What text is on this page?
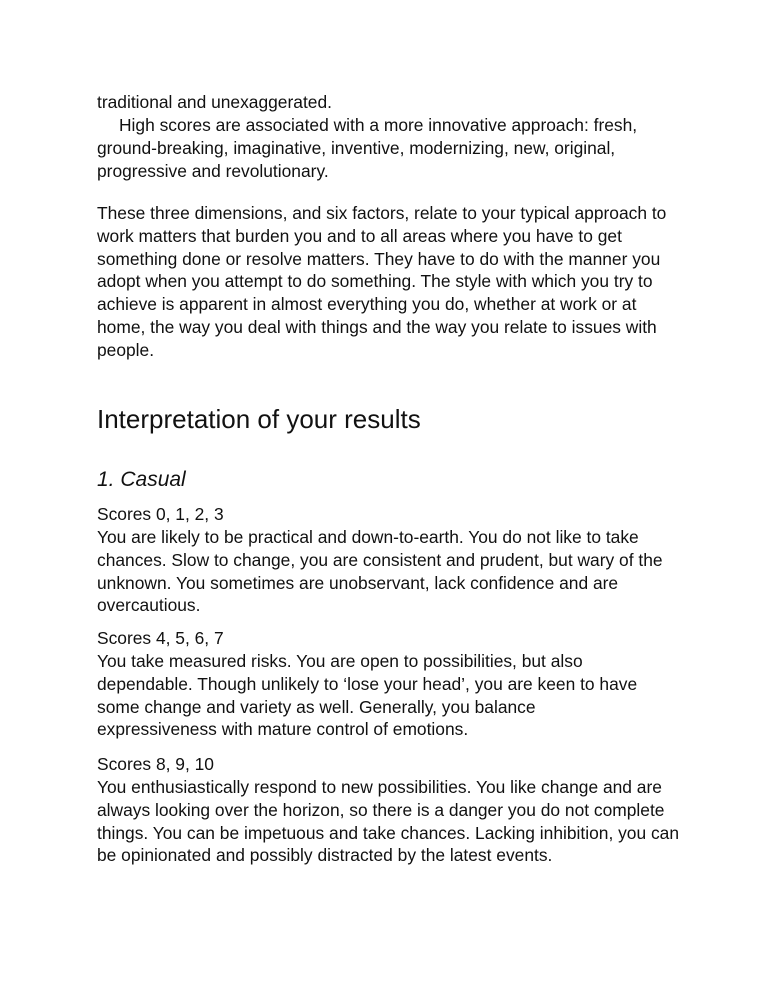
traditional and unexaggerated.

High scores are associated with a more innovative approach: fresh, ground-breaking, imaginative, inventive, modernizing, new, original, progressive and revolutionary.

These three dimensions, and six factors, relate to your typical approach to work matters that burden you and to all areas where you have to get something done or resolve matters. They have to do with the manner you adopt when you attempt to do something. The style with which you try to achieve is apparent in almost everything you do, whether at work or at home, the way you deal with things and the way you relate to issues with people.

Interpretation of your results
1. Casual

Scores 0, 1, 2, 3

You are likely to be practical and down-to-earth. You do not like to take chances. Slow to change, you are consistent and prudent, but wary of the unknown. You sometimes are unobservant, lack confidence and are overcautious.

Scores 4, 5, 6, 7

You take measured risks. You are open to possibilities, but also dependable. Though unlikely to ‘lose your head’, you are keen to have some change and variety as well. Generally, you balance expressiveness with mature control of emotions.

Scores 8, 9, 10

You enthusiastically respond to new possibilities. You like change and are always looking over the horizon, so there is a danger you do not complete things. You can be impetuous and take chances. Lacking inhibition, you can be opinionated and possibly distracted by the latest events.
